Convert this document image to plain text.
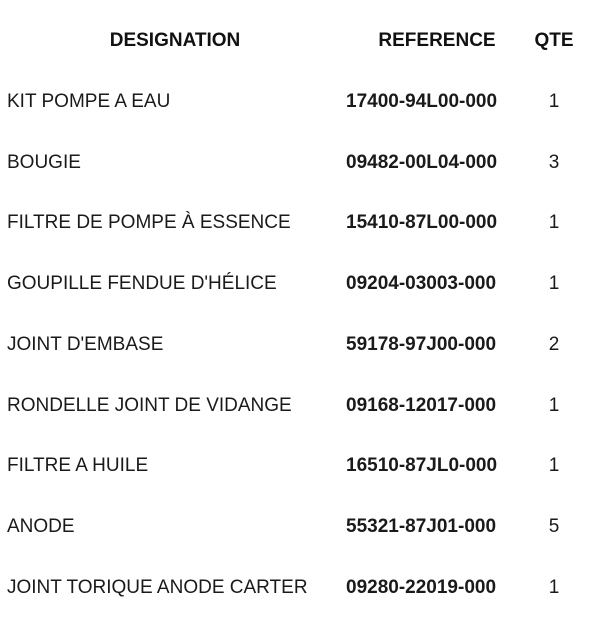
DESIGNATION	REFERENCE	QTE
KIT POMPE A EAU	17400-94L00-000	1
BOUGIE	09482-00L04-000	3
FILTRE DE POMPE À ESSENCE	15410-87L00-000	1
GOUPILLE FENDUE D'HÉLICE	09204-03003-000	1
JOINT D'EMBASE	59178-97J00-000	2
RONDELLE JOINT DE VIDANGE	09168-12017-000	1
FILTRE A HUILE	16510-87JL0-000	1
ANODE	55321-87J01-000	5
JOINT TORIQUE ANODE CARTER 09280-22019-000	1
